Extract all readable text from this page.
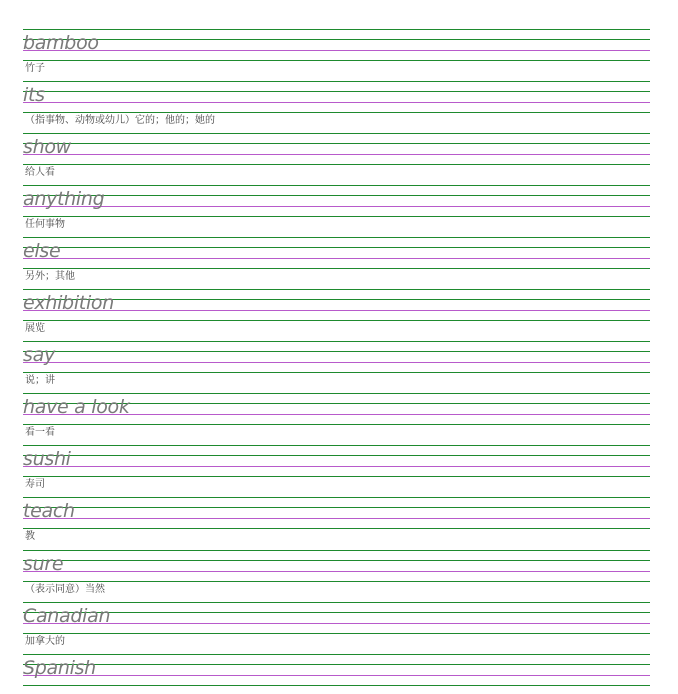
bamboo
竹子
its
（指事物、动物或幼儿）它的；他的；她的
show
给人看
anything
任何事物
else
另外；其他
exhibition
展览
say
说；讲
have a look
看一看
sushi
寿司
teach
教
sure
（表示同意）当然
Canadian
加拿大的
Spanish
